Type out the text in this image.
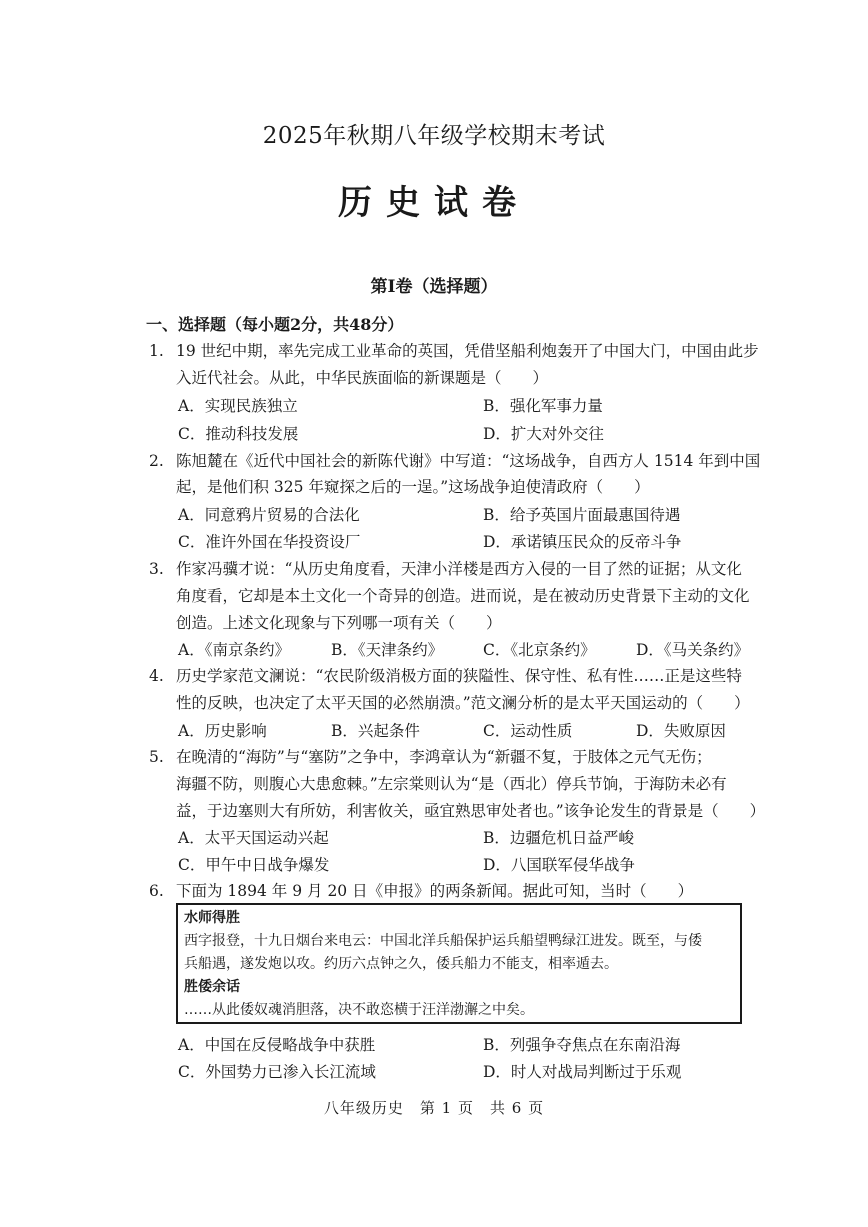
2025年秋期八年级学校期末考试
历史试卷
第Ⅰ卷（选择题）
一、选择题（每小题2分，共48分）
1. 19 世纪中期，率先完成工业革命的英国，凭借坚船利炮轰开了中国大门，中国由此步
入近代社会。从此，中华民族面临的新课题是（　　）
A．实现民族独立	B．强化军事力量
C．推动科技发展	D．扩大对外交往
2. 陈旭麓在《近代中国社会的新陈代谢》中写道：“这场战争，自西方人 1514 年到中国
起，是他们积 325 年窥探之后的一逞。”这场战争迫使清政府（　　）
A．同意鸦片贸易的合法化	B．给予英国片面最惠国待遇
C．准许外国在华投资设厂	D．承诺镇压民众的反帝斗争
3. 作家冯骥才说：“从历史角度看，天津小洋楼是西方入侵的一目了然的证据；从文化
角度看，它却是本土文化一个奇异的创造。进而说，是在被动历史背景下主动的文化
创造。上述文化现象与下列哪一项有关（　　）
A．《南京条约》	B．《天津条约》	C．《北京条约》	D．《马关条约》
4. 历史学家范文澜说：“农民阶级消极方面的狭隘性、保守性、私有性……正是这些特
性的反映，也决定了太平天国的必然崩溃。”范文澜分析的是太平天国运动的（　　）
A．历史影响	B．兴起条件	C．运动性质	D．失败原因
5. 在晚清的“海防”与“塞防”之争中，李鸿章认为“新疆不复，于肢体之元气无伤；
海疆不防，则腹心大患愈棘。”左宗棠则认为“是（西北）停兵节饷，于海防未必有
益，于边塞则大有所妨，利害攸关，亟宜熟思审处者也。”该争论发生的背景是（　　）
A．太平天国运动兴起	B．边疆危机日益严峻
C．甲午中日战争爆发	D．八国联军侵华战争
6. 下面为 1894 年 9 月 20 日《申报》的两条新闻。据此可知，当时（　　）
水师得胜
西字报登，十九日烟台来电云：中国北洋兵船保护运兵船望鸭绿江进发。既至，与倭
兵船遇，遂发炮以攻。约历六点钟之久，倭兵船力不能支，相率遁去。
胜倭余话
……从此倭奴魂消胆落，决不敢恣横于汪洋渤澥之中矣。
A．中国在反侵略战争中获胜	B．列强争夺焦点在东南沿海
C．外国势力已渗入长江流域	D．时人对战局判断过于乐观
八年级历史　第 1 页　共 6 页
